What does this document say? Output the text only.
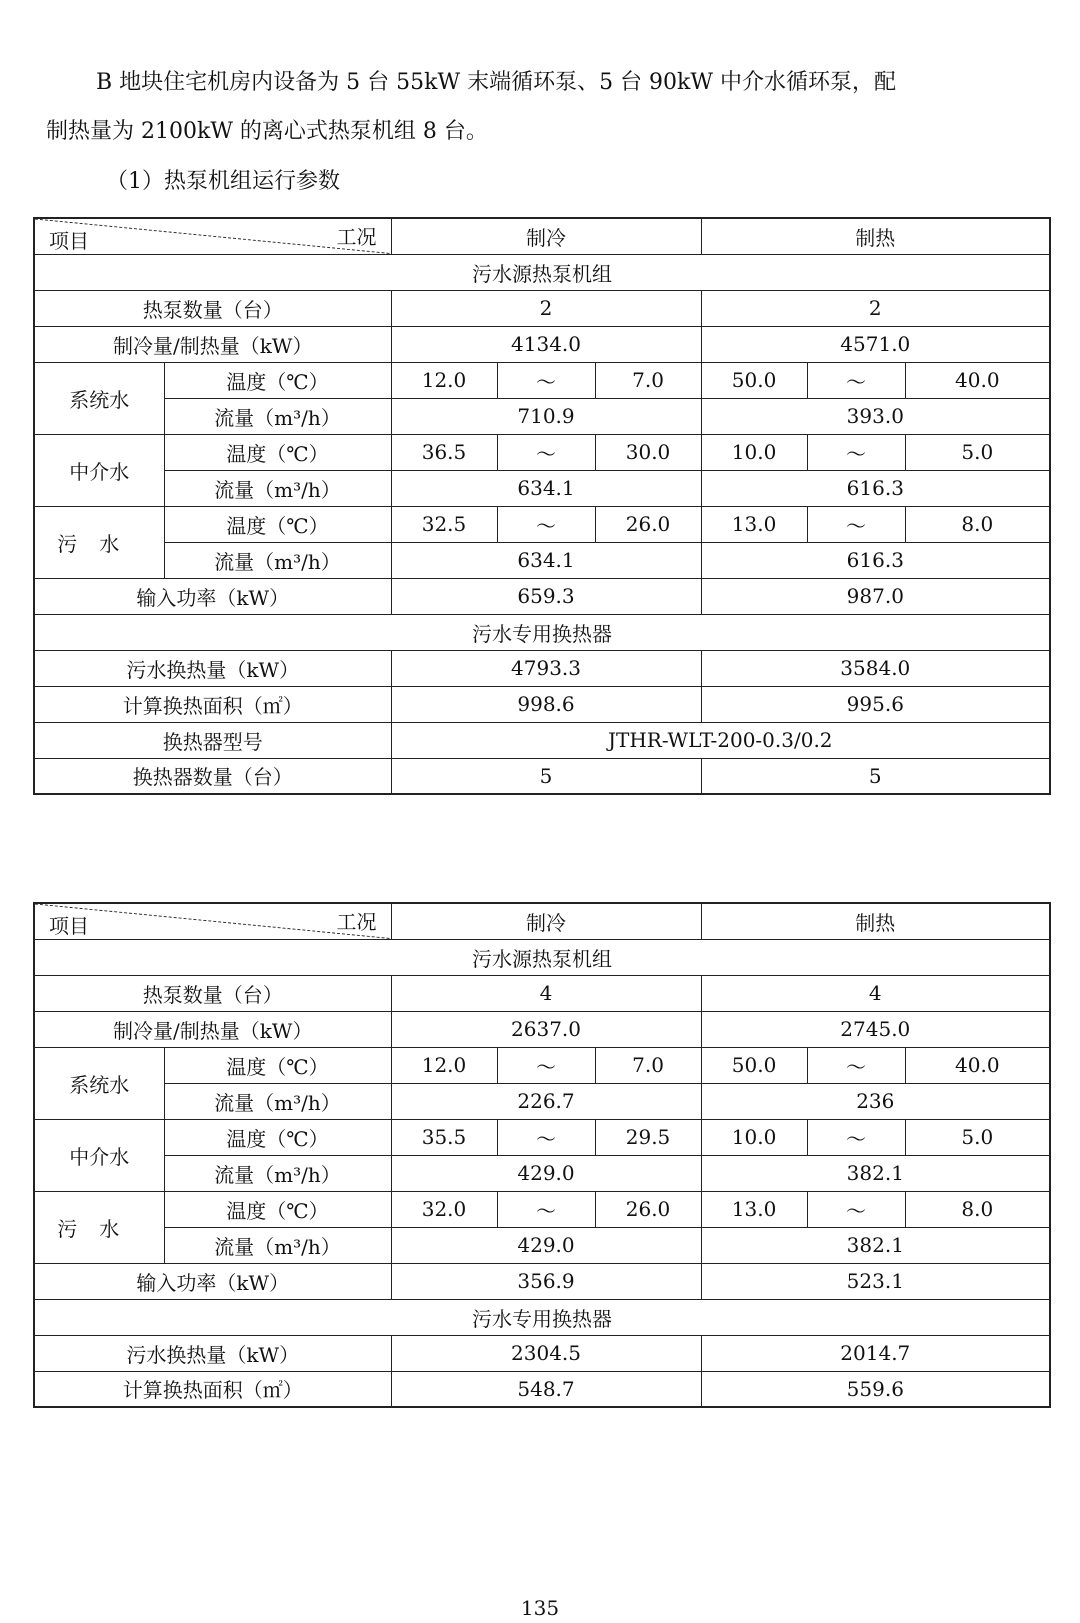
B 地块住宅机房内设备为 5 台 55kW 末端循环泵、5 台 90kW 中介水循环泵，配

制热量为 2100kW 的离心式热泵机组 8 台。

（1）热泵机组运行参数
项目 工况		制冷			制热		
污水源热泵机组							
热泵数量（台）		2			2		
制冷量/制热量（kW）		4134.0			4571.0		
系统水	温度（℃）	12.0	～	7.0	50.0	～	40.0
	流量（m³/h）	710.9			393.0		
中介水	温度（℃）	36.5	～	30.0	10.0	～	5.0
	流量（m³/h）	634.1			616.3		
污水	温度（℃）	32.5	～	26.0	13.0	～	8.0
	流量（m³/h）	634.1			616.3		
输入功率（kW）		659.3			987.0		
污水专用换热器							
污水换热量（kW）		4793.3			3584.0		
计算换热面积（㎡）		998.6			995.6		
换热器型号		JTHR-WLT-200-0.3/0.2					
换热器数量（台）		5			5		
项目 工况		制冷			制热		
污水源热泵机组							
热泵数量（台）		4			4		
制冷量/制热量（kW）		2637.0			2745.0		
系统水	温度（℃）	12.0	～	7.0	50.0	～	40.0
	流量（m³/h）	226.7			236		
中介水	温度（℃）	35.5	～	29.5	10.0	～	5.0
	流量（m³/h）	429.0			382.1		
污水	温度（℃）	32.0	～	26.0	13.0	～	8.0
	流量（m³/h）	429.0			382.1		
输入功率（kW）		356.9			523.1		
污水专用换热器							
污水换热量（kW）		2304.5			2014.7		
计算换热面积（㎡）		548.7			559.6		
135
